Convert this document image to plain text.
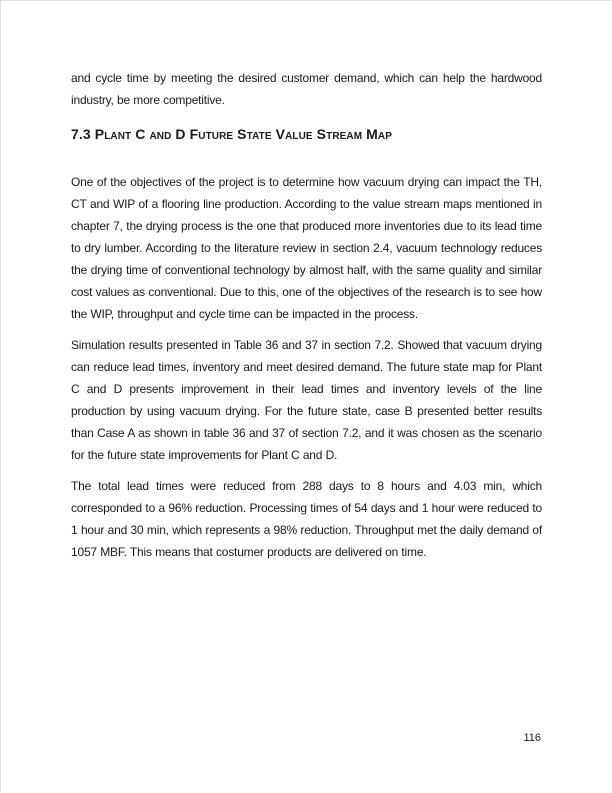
and cycle time by meeting the desired customer demand, which can help the hardwood industry, be more competitive.

7.3 Plant C and D Future State Value Stream Map

One of the objectives of the project is to determine how vacuum drying can impact the TH, CT and WIP of a flooring line production. According to the value stream maps mentioned in chapter 7, the drying process is the one that produced more inventories due to its lead time to dry lumber. According to the literature review in section 2.4, vacuum technology reduces the drying time of conventional technology by almost half, with the same quality and similar cost values as conventional. Due to this, one of the objectives of the research is to see how the WIP, throughput and cycle time can be impacted in the process.

Simulation results presented in Table 36 and 37 in section 7.2. Showed that vacuum drying can reduce lead times, inventory and meet desired demand. The future state map for Plant C and D presents improvement in their lead times and inventory levels of the line production by using vacuum drying. For the future state, case B presented better results than Case A as shown in table 36 and 37 of section 7.2, and it was chosen as the scenario for the future state improvements for Plant C and D.

The total lead times were reduced from 288 days to 8 hours and 4.03 min, which corresponded to a 96% reduction. Processing times of 54 days and 1 hour were reduced to 1 hour and 30 min, which represents a 98% reduction. Throughput met the daily demand of 1057 MBF. This means that costumer products are delivered on time.

116
